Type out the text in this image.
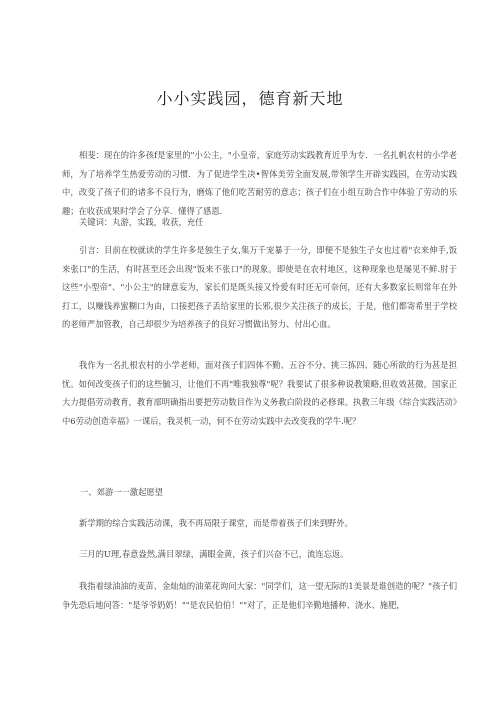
小小实践园，德育新天地
相斐：现在的许多孩f是家里的"小公主，"小皇帝，家庭劳动实践教育近乎为专．一名扎帆农村的小学老师，为了培养学生热爱劳动的习惯．为了促进学生决•智体美劳全面发展,带领学生开辟实践园，在劳动实践中，改变了孩子们的诸多不良行为，磨炼了他们吃苦耐劳的意志；孩子们在小组互助合作中体验了劳动的乐趣；在收获成果时学会了分享．懂得了感恩．
关键词：丸游，实践，收获，充任
引言：目前在校就读的学生许多是独生子女,集万千宠暴于一分，即便不是独生子女也过着"衣来伸手,饭来张口"的生活，有时甚至还会出现"饭来不张口"的现象。即使是在农村地区，这种现象也是屡见不鲜.肘于这些"小型帝"、"小公主"的肆意妄为，家长们是既头接又怜爱有时还无可奈何，还有大多数家长则常年在外打工，以赚钱养蜜糊口为由，口接把孩子丢给家里的长邪,很少关注孩子的成长，于是，他们都寄希里于学校的老师严加管教，自己却很少为培养孩子的良好习惯做出努力、付出心血。
我作为一名扎根农村的小学老师，面对孩子们四体不勤、五谷不分、挑三拣四、随心所欲的行为甚是担忧。如何改变孩子们的这些毓习，让他们不再"唯我独尊"呢？我要试了很多种说教策略,但收效甚微，国家正大力提倡劳动教育，教育部明确指出要把劳动数目作为义务教白阶段的必修课。执教三年级《综合实践活动》中6劳动创造幸福》一课后，我灵机一动，何不在劳动实践中去改变我的学牛.呢？
一、郊游一一激起愿望
新学期的综合实践活动课，我不再局限于课堂，而是带着孩子们来到野外。
三月的U理,春意盎然,满目翠绿，满眼金黄，孩子们兴奋不已，流连忘返。
我指着绿油油的麦苗、金灿灿的油菜花询问大家："同学们，这一望无际的1美景是谁创造的呢？"孩子们争先恐后地问答："是爷爷奶奶！""是农民伯伯！""对了，正是他们辛勤地播种、浇水、施肥，
